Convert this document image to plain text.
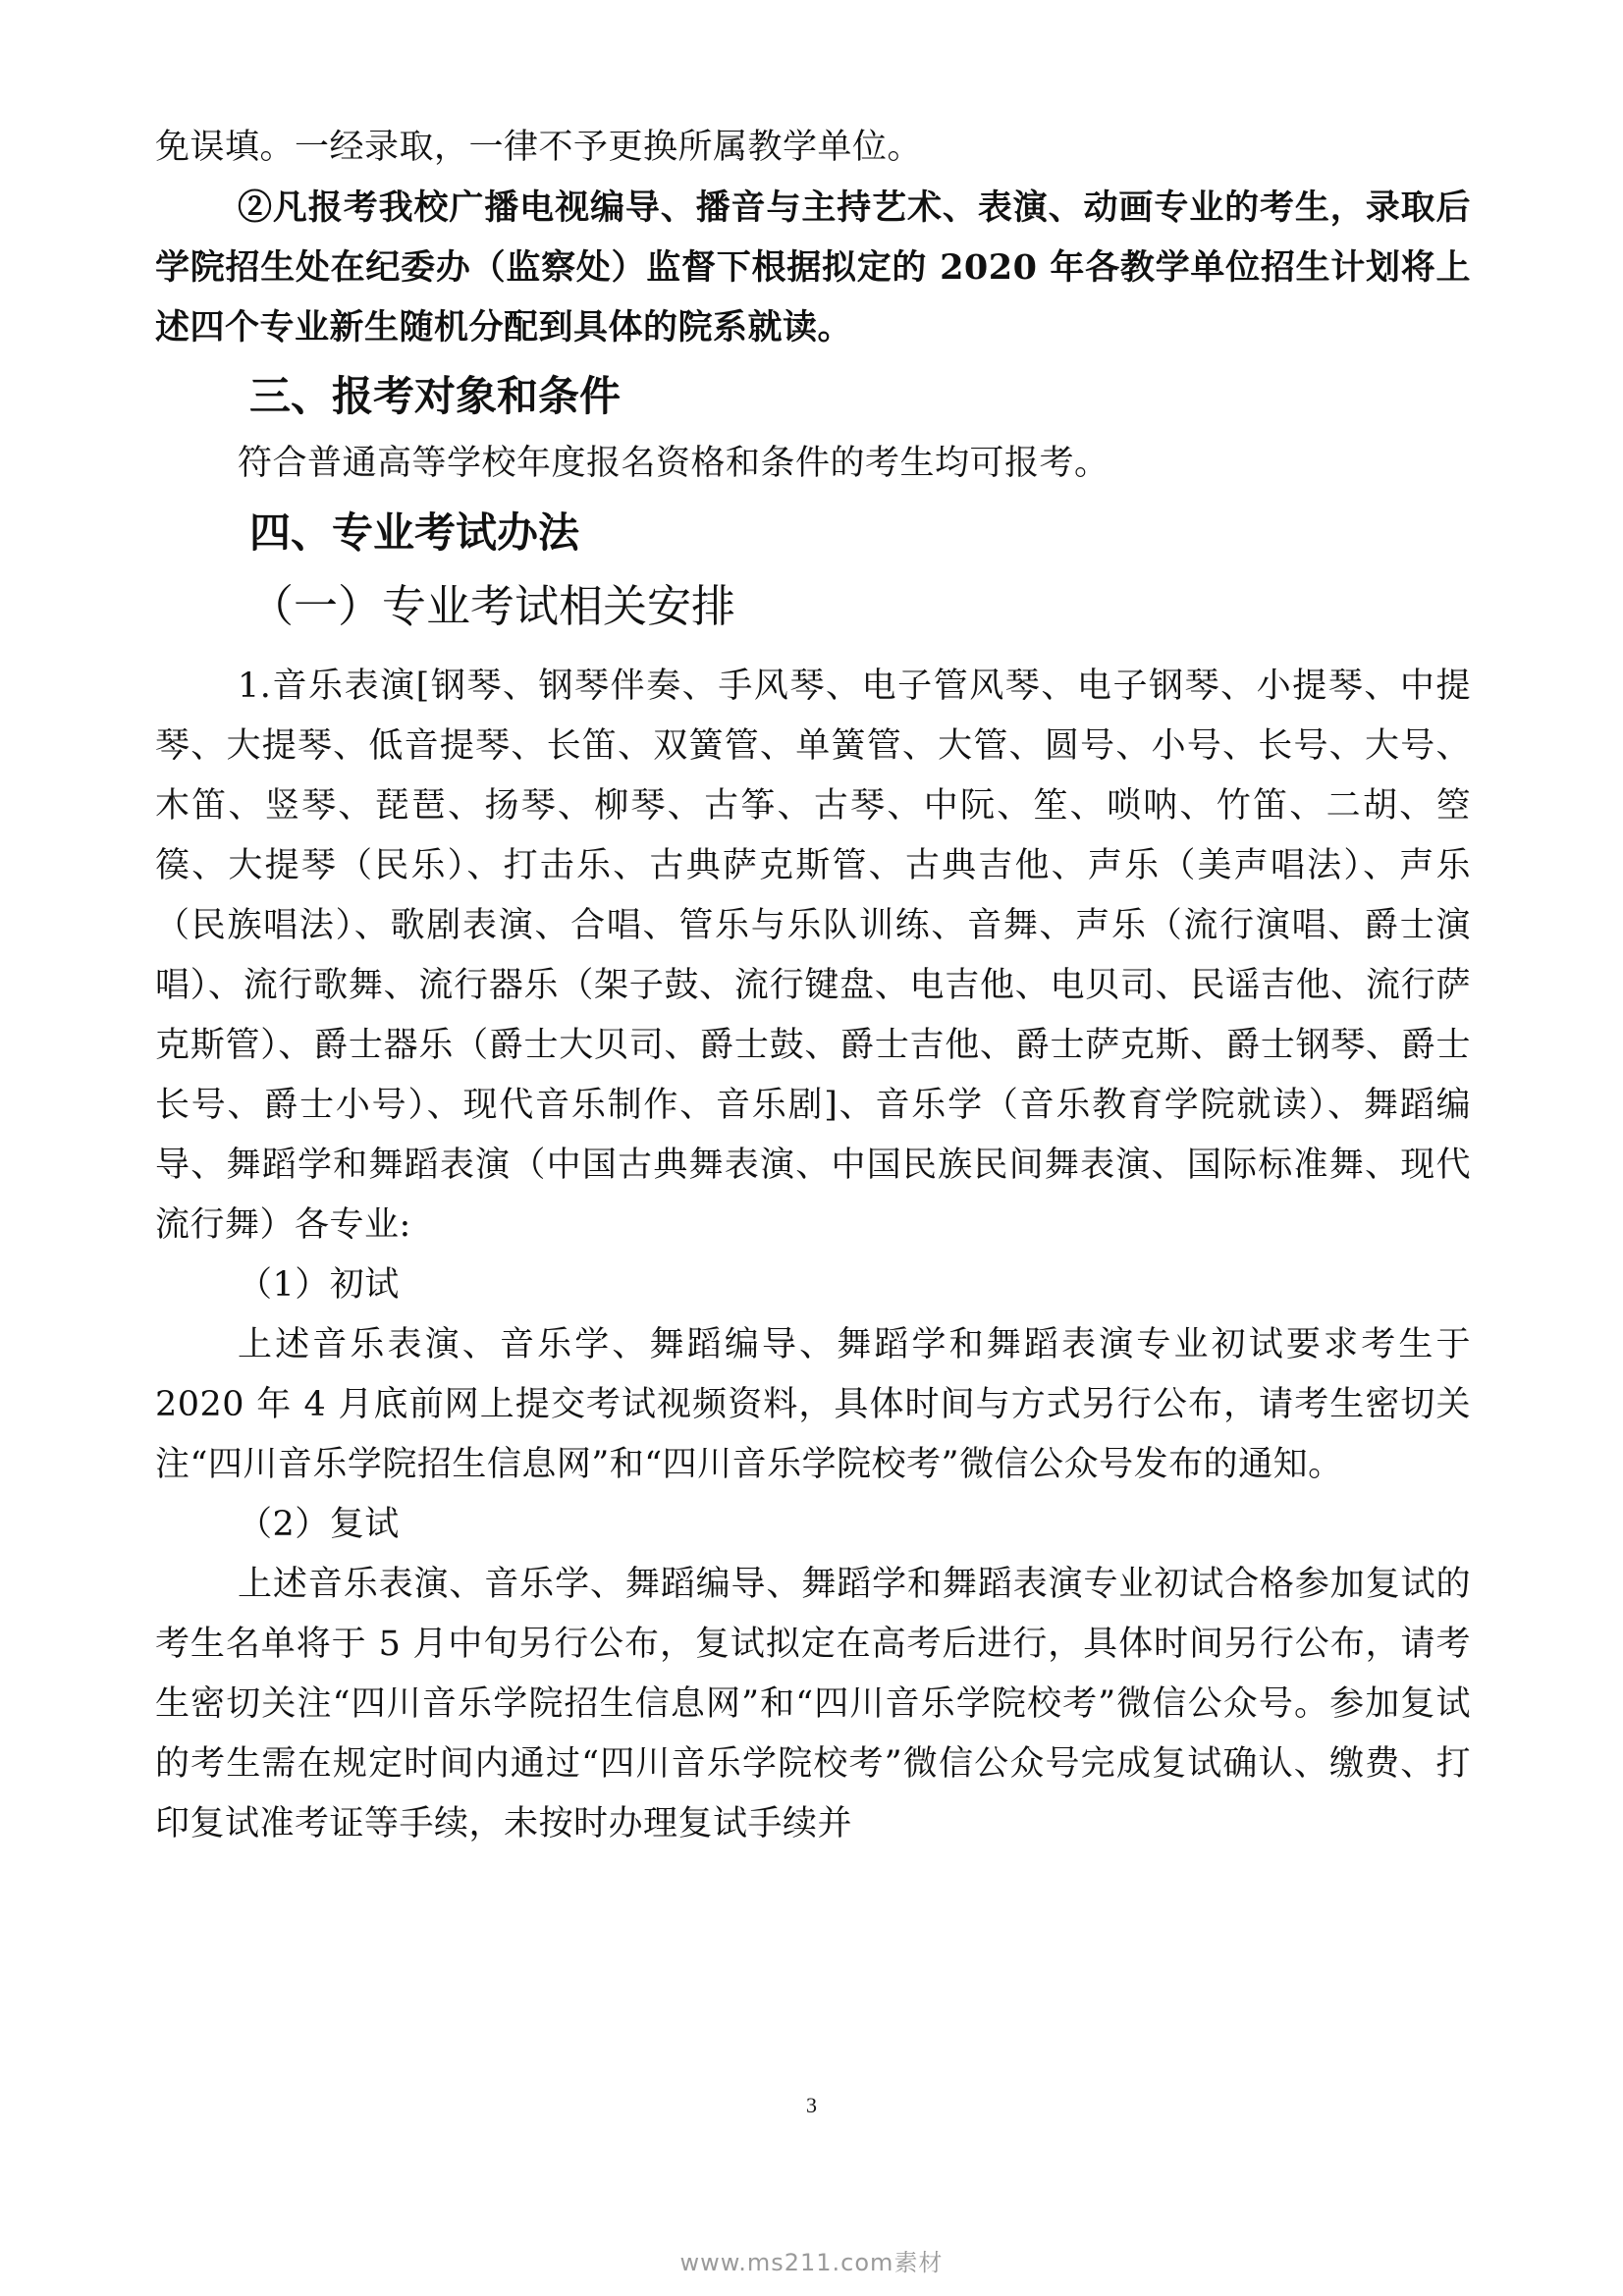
免误填。一经录取，一律不予更换所属教学单位。

②凡报考我校广播电视编导、播音与主持艺术、表演、动画专业的考生，录取后学院招生处在纪委办（监察处）监督下根据拟定的 2020 年各教学单位招生计划将上述四个专业新生随机分配到具体的院系就读。

三、报考对象和条件

符合普通高等学校年度报名资格和条件的考生均可报考。

四、专业考试办法
（一）专业考试相关安排

1.音乐表演[钢琴、钢琴伴奏、手风琴、电子管风琴、电子钢琴、小提琴、中提琴、大提琴、低音提琴、长笛、双簧管、单簧管、大管、圆号、小号、长号、大号、木笛、竖琴、琵琶、扬琴、柳琴、古筝、古琴、中阮、笙、唢呐、竹笛、二胡、箜篌、大提琴（民乐）、打击乐、古典萨克斯管、古典吉他、声乐（美声唱法）、声乐（民族唱法）、歌剧表演、合唱、管乐与乐队训练、音舞、声乐（流行演唱、爵士演唱）、流行歌舞、流行器乐（架子鼓、流行键盘、电吉他、电贝司、民谣吉他、流行萨克斯管）、爵士器乐（爵士大贝司、爵士鼓、爵士吉他、爵士萨克斯、爵士钢琴、爵士长号、爵士小号）、现代音乐制作、音乐剧]、音乐学（音乐教育学院就读）、舞蹈编导、舞蹈学和舞蹈表演（中国古典舞表演、中国民族民间舞表演、国际标准舞、现代流行舞）各专业:

（1）初试

上述音乐表演、音乐学、舞蹈编导、舞蹈学和舞蹈表演专业初试要求考生于 2020 年 4 月底前网上提交考试视频资料，具体时间与方式另行公布，请考生密切关注“四川音乐学院招生信息网”和“四川音乐学院校考”微信公众号发布的通知。

（2）复试

上述音乐表演、音乐学、舞蹈编导、舞蹈学和舞蹈表演专业初试合格参加复试的考生名单将于 5 月中旬另行公布，复试拟定在高考后进行，具体时间另行公布，请考生密切关注“四川音乐学院招生信息网”和“四川音乐学院校考”微信公众号。参加复试的考生需在规定时间内通过“四川音乐学院校考”微信公众号完成复试确认、缴费、打印复试准考证等手续，未按时办理复试手续并

3
www.ms211.com素材
